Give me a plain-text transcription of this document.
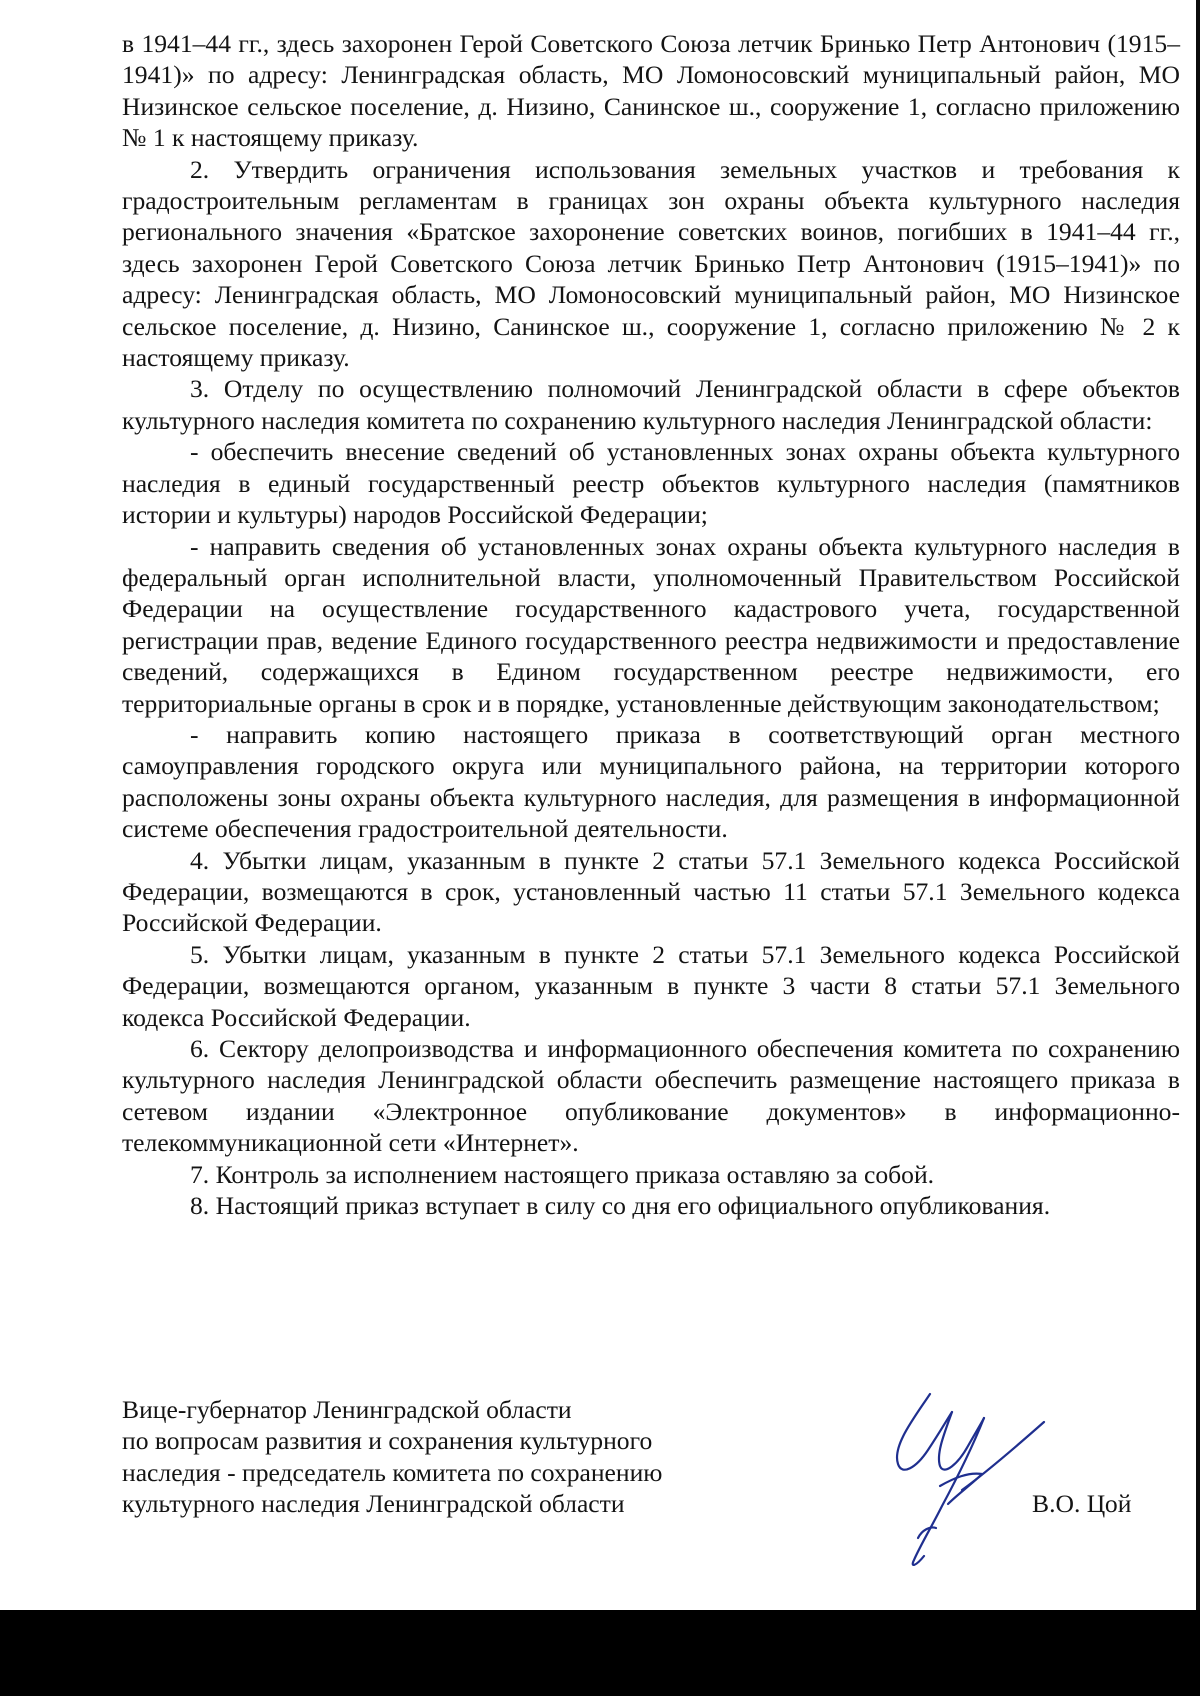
в 1941–44 гг., здесь захоронен Герой Советского Союза летчик Бринько Петр Антонович (1915–1941)» по адресу: Ленинградская область, МО Ломоносовский муниципальный район, МО Низинское сельское поселение, д. Низино, Санинское ш., сооружение 1, согласно приложению № 1 к настоящему приказу.

2. Утвердить ограничения использования земельных участков и требования к градостроительным регламентам в границах зон охраны объекта культурного наследия регионального значения «Братское захоронение советских воинов, погибших в 1941–44 гг., здесь захоронен Герой Советского Союза летчик Бринько Петр Антонович (1915–1941)» по адресу: Ленинградская область, МО Ломоносовский муниципальный район, МО Низинское сельское поселение, д. Низино, Санинское ш., сооружение 1, согласно приложению № 2 к настоящему приказу.

3. Отделу по осуществлению полномочий Ленинградской области в сфере объектов культурного наследия комитета по сохранению культурного наследия Ленинградской области:

- обеспечить внесение сведений об установленных зонах охраны объекта культурного наследия в единый государственный реестр объектов культурного наследия (памятников истории и культуры) народов Российской Федерации;

- направить сведения об установленных зонах охраны объекта культурного наследия в федеральный орган исполнительной власти, уполномоченный Правительством Российской Федерации на осуществление государственного кадастрового учета, государственной регистрации прав, ведение Единого государственного реестра недвижимости и предоставление сведений, содержащихся в Едином государственном реестре недвижимости, его территориальные органы в срок и в порядке, установленные действующим законодательством;

- направить копию настоящего приказа в соответствующий орган местного самоуправления городского округа или муниципального района, на территории которого расположены зоны охраны объекта культурного наследия, для размещения в информационной системе обеспечения градостроительной деятельности.

4. Убытки лицам, указанным в пункте 2 статьи 57.1 Земельного кодекса Российской Федерации, возмещаются в срок, установленный частью 11 статьи 57.1 Земельного кодекса Российской Федерации.

5. Убытки лицам, указанным в пункте 2 статьи 57.1 Земельного кодекса Российской Федерации, возмещаются органом, указанным в пункте 3 части 8 статьи 57.1 Земельного кодекса Российской Федерации.

6. Сектору делопроизводства и информационного обеспечения комитета по сохранению культурного наследия Ленинградской области обеспечить размещение настоящего приказа в сетевом издании «Электронное опубликование документов» в информационно-телекоммуникационной сети «Интернет».

7. Контроль за исполнением настоящего приказа оставляю за собой.

8. Настоящий приказ вступает в силу со дня его официального опубликования.

Вице-губернатор Ленинградской области
по вопросам развития и сохранения культурного
наследия - председатель комитета по сохранению
культурного наследия Ленинградской области	В.О. Цой
